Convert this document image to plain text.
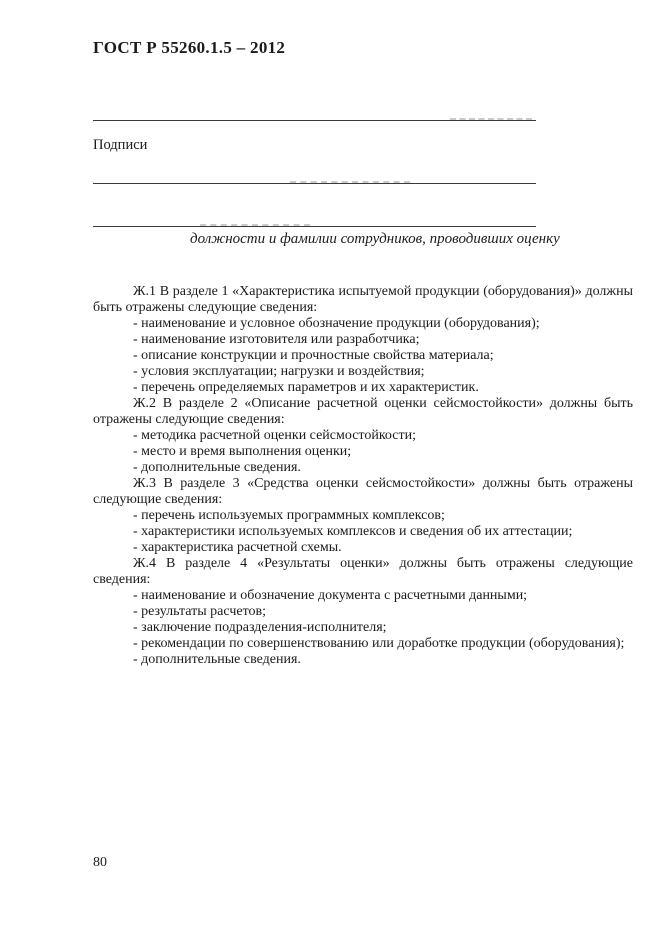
ГОСТ Р 55260.1.5 – 2012
Подписи
должности и фамилии сотрудников, проводивших оценку
Ж.1 В разделе 1 «Характеристика испытуемой продукции (оборудования)» должны быть отражены следующие сведения:
- наименование и условное обозначение продукции (оборудования);
- наименование изготовителя или разработчика;
- описание конструкции и прочностные свойства материала;
- условия эксплуатации; нагрузки и воздействия;
- перечень определяемых параметров и их характеристик.
Ж.2 В разделе 2 «Описание расчетной оценки сейсмостойкости» должны быть отражены следующие сведения:
- методика расчетной оценки сейсмостойкости;
- место и время выполнения оценки;
- дополнительные сведения.
Ж.3 В разделе 3 «Средства оценки сейсмостойкости» должны быть отражены следующие сведения:
- перечень используемых программных комплексов;
- характеристики используемых комплексов и сведения об их аттестации;
- характеристика расчетной схемы.
Ж.4 В разделе 4 «Результаты оценки» должны быть отражены следующие сведения:
- наименование и обозначение документа с расчетными данными;
- результаты расчетов;
- заключение подразделения-исполнителя;
- рекомендации по совершенствованию или доработке продукции (оборудования);
- дополнительные сведения.
80
